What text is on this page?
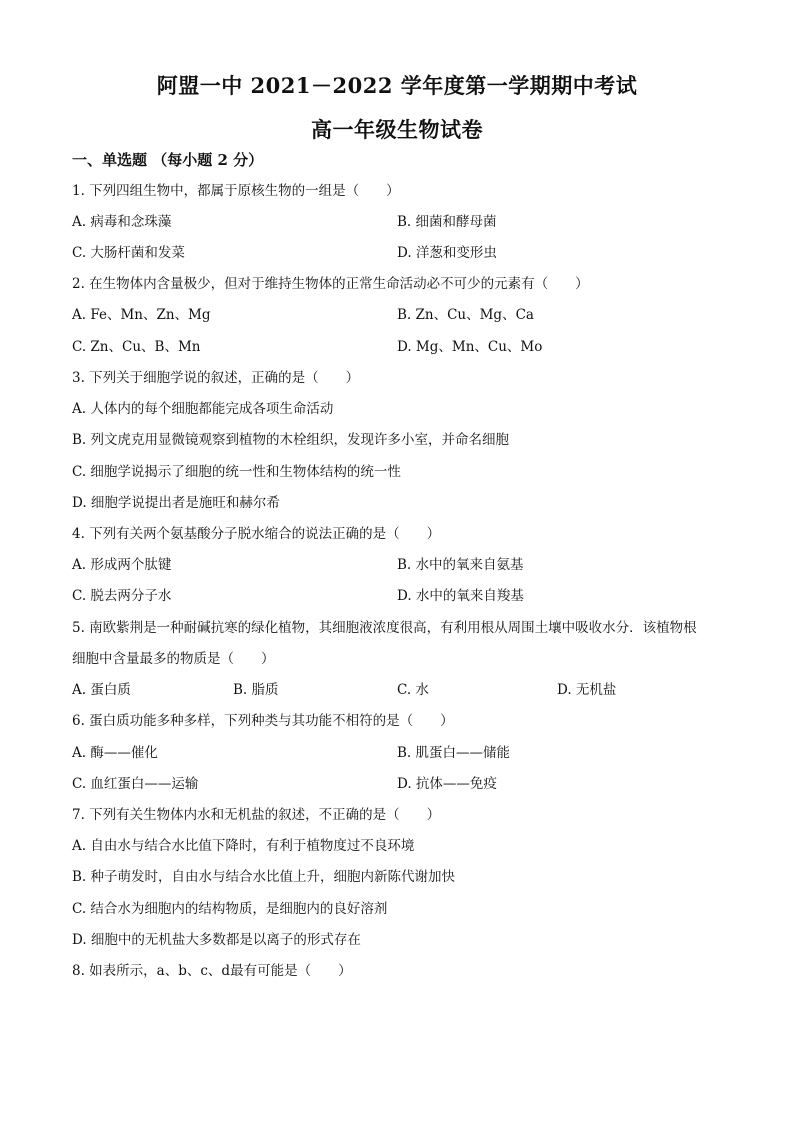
阿盟一中 2021－2022 学年度第一学期期中考试
高一年级生物试卷
一、单选题 （每小题 2 分）
1. 下列四组生物中，都属于原核生物的一组是（　　）
A. 病毒和念珠藻	B. 细菌和酵母菌
C. 大肠杆菌和发菜	D. 洋葱和变形虫
2. 在生物体内含量极少，但对于维持生物体的正常生命活动必不可少的元素有（　　）
A. Fe、Mn、Zn、Mg	B. Zn、Cu、Mg、Ca
C. Zn、Cu、B、Mn	D. Mg、Mn、Cu、Mo
3. 下列关于细胞学说的叙述，正确的是（　　）
A. 人体内的每个细胞都能完成各项生命活动
B. 列文虎克用显微镜观察到植物的木栓组织，发现许多小室，并命名细胞
C. 细胞学说揭示了细胞的统一性和生物体结构的统一性
D. 细胞学说提出者是施旺和赫尔希
4. 下列有关两个氨基酸分子脱水缩合的说法正确的是（　　）
A. 形成两个肽键	B. 水中的氧来自氨基
C. 脱去两分子水	D. 水中的氧来自羧基
5. 南欧紫荆是一种耐碱抗寒的绿化植物，其细胞液浓度很高，有利用根从周围土壤中吸收水分．该植物根
细胞中含量最多的物质是（　　）
A. 蛋白质	B. 脂质	C. 水	D. 无机盐
6. 蛋白质功能多种多样，下列种类与其功能不相符的是（　　）
A. 酶——催化	B. 肌蛋白——储能
C. 血红蛋白——运输	D. 抗体——免疫
7. 下列有关生物体内水和无机盐的叙述，不正确的是（　　）
A. 自由水与结合水比值下降时，有利于植物度过不良环境
B. 种子萌发时，自由水与结合水比值上升，细胞内新陈代谢加快
C. 结合水为细胞内的结构物质，是细胞内的良好溶剂
D. 细胞中的无机盐大多数都是以离子的形式存在
8. 如表所示，a、b、c、d最有可能是（　　）
